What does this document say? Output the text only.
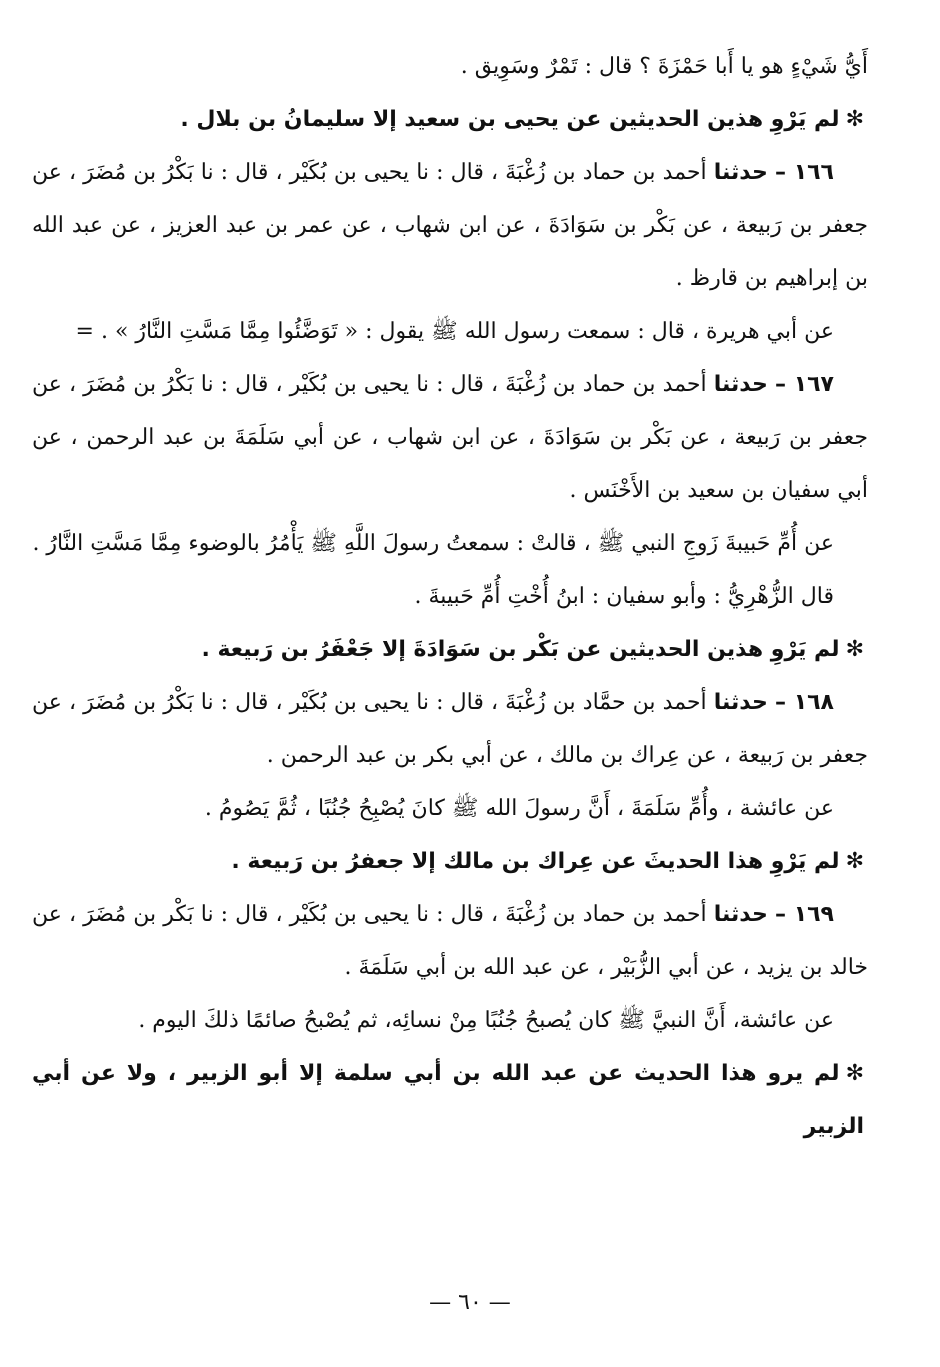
أَيُّ شَيْءٍ هو يا أَبا حَمْزَةَ ؟ قال : تَمْرٌ وسَوِيق .

✻لم يَرْوِ هذين الحديثين عن يحيى بن سعيد إلا سليمانُ بن بلال .

١٦٦ – حدثنا أحمد بن حماد بن زُغْبَةَ ، قال : نا يحيى بن بُكَيْر ، قال : نا بَكْرُ بن مُضَرَ ، عن جعفر بن رَبيعة ، عن بَكْر بن سَوَادَةَ ، عن ابن شهاب ، عن عمر بن عبد العزيز ، عن عبد الله بن إبراهيم بن قارظ .

عن أبي هريرة ، قال : سمعت رسول الله ﷺ يقول : « تَوَضَّئُوا مِمَّا مَسَّتِ النَّارُ » . =

١٦٧ – حدثنا أحمد بن حماد بن زُغْبَةَ ، قال : نا يحيى بن بُكَيْر ، قال : نا بَكْرُ بن مُضَرَ ، عن جعفر بن رَبيعة ، عن بَكْر بن سَوَادَةَ ، عن ابن شهاب ، عن أبي سَلَمَةَ بن عبد الرحمن ، عن أبي سفيان بن سعيد بن الأَخْنَس .

عن أُمِّ حَبيبةَ زَوجِ النبي ﷺ ، قالتْ : سمعتُ رسولَ اللَّهِ ﷺ يَأْمُرُ بالوضوء مِمَّا مَسَّتِ النَّارُ .

قال الزُّهْرِيُّ : وأبو سفيان : ابنُ أُخْتِ أُمِّ حَبيبةَ .

✻لم يَرْوِ هذين الحديثين عن بَكْر بن سَوَادَةَ إلا جَعْفَرُ بن رَبيعة .

١٦٨ – حدثنا أحمد بن حمَّاد بن زُغْبَةَ ، قال : نا يحيى بن بُكَيْر ، قال : نا بَكْرُ بن مُضَرَ ، عن جعفر بن رَبيعة ، عن عِراك بن مالك ، عن أبي بكر بن عبد الرحمن .

عن عائشة ، وأُمِّ سَلَمَةَ ، أَنَّ رسولَ الله ﷺ كانَ يُصْبِحُ جُنُبًا ، ثُمَّ يَصُومُ .

✻لم يَرْوِ هذا الحديثَ عن عِراك بن مالك إلا جعفرُ بن رَبيعة .

١٦٩ – حدثنا أحمد بن حماد بن زُغْبَةَ ، قال : نا يحيى بن بُكَيْر ، قال : نا بَكْر بن مُضَرَ ، عن خالد بن يزيد ، عن أبي الزُّبَيْر ، عن عبد الله بن أبي سَلَمَةَ .

عن عائشة، أَنَّ النبيَّ ﷺ كان يُصبحُ جُنُبًا مِنْ نسائِه، ثم يُصْبحُ صائمًا ذلكَ اليوم .

✻لم يرو هذا الحديث عن عبد الله بن أبي سلمة إلا أبو الزبير ، ولا عن أبي الزبير

— ٦٠ —
